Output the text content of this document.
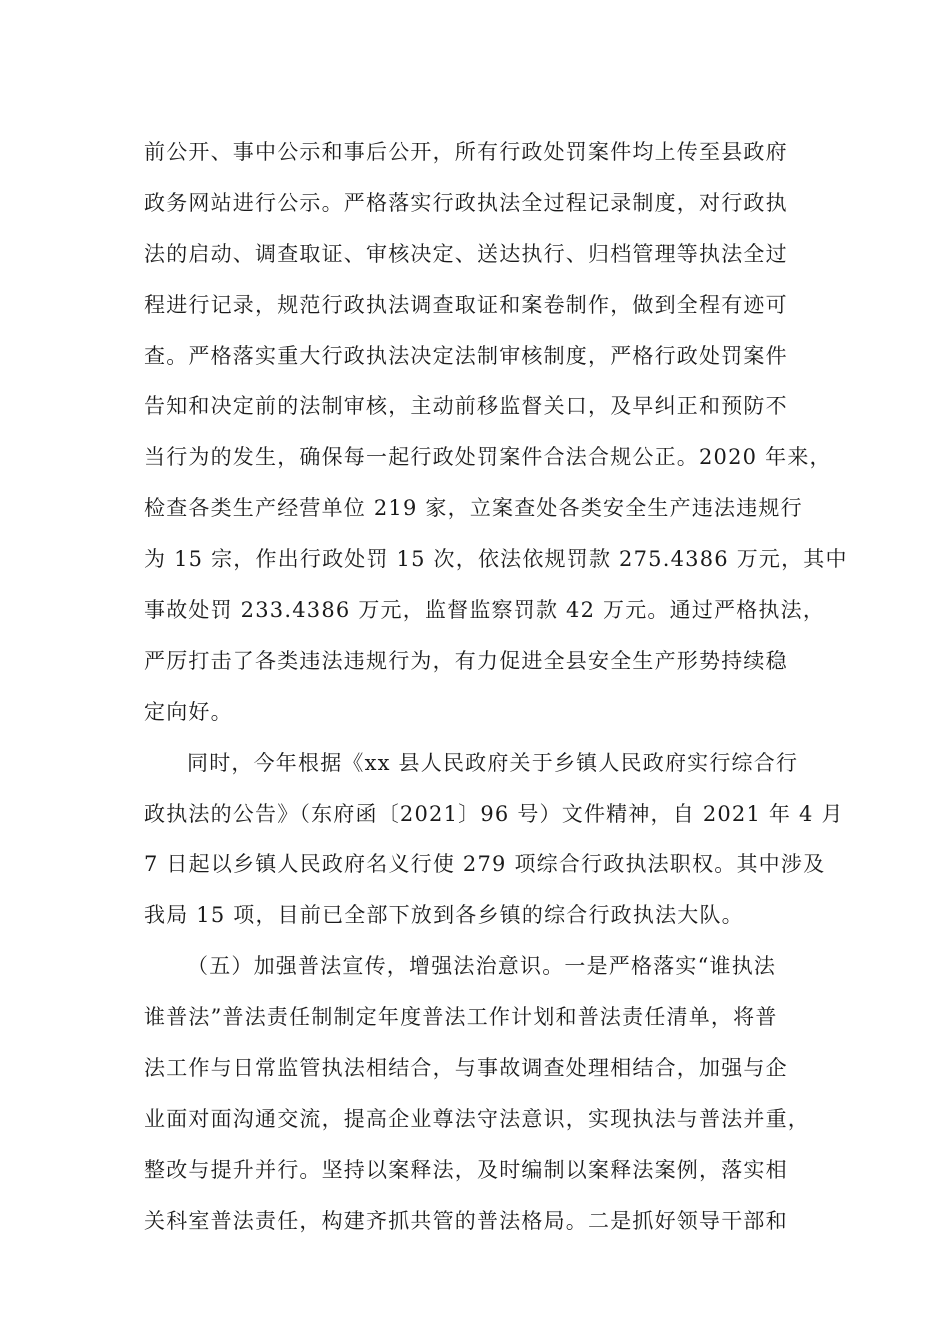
前公开、事中公示和事后公开，所有行政处罚案件均上传至县政府
政务网站进行公示。严格落实行政执法全过程记录制度，对行政执
法的启动、调查取证、审核决定、送达执行、归档管理等执法全过
程进行记录，规范行政执法调查取证和案卷制作，做到全程有迹可
查。严格落实重大行政执法决定法制审核制度，严格行政处罚案件
告知和决定前的法制审核，主动前移监督关口，及早纠正和预防不
当行为的发生，确保每一起行政处罚案件合法合规公正。2020 年来，
检查各类生产经营单位 219 家，立案查处各类安全生产违法违规行
为 15 宗，作出行政处罚 15 次，依法依规罚款 275.4386 万元，其中
事故处罚 233.4386 万元，监督监察罚款 42 万元。通过严格执法，
严厉打击了各类违法违规行为，有力促进全县安全生产形势持续稳
定向好。
同时，今年根据《xx 县人民政府关于乡镇人民政府实行综合行
政执法的公告》（东府函〔2021〕96 号）文件精神，自 2021 年 4 月
7 日起以乡镇人民政府名义行使 279 项综合行政执法职权。其中涉及
我局 15 项，目前已全部下放到各乡镇的综合行政执法大队。
（五）加强普法宣传，增强法治意识。一是严格落实“谁执法
谁普法”普法责任制制定年度普法工作计划和普法责任清单，将普
法工作与日常监管执法相结合，与事故调查处理相结合，加强与企
业面对面沟通交流，提高企业尊法守法意识，实现执法与普法并重，
整改与提升并行。坚持以案释法，及时编制以案释法案例，落实相
关科室普法责任，构建齐抓共管的普法格局。二是抓好领导干部和
